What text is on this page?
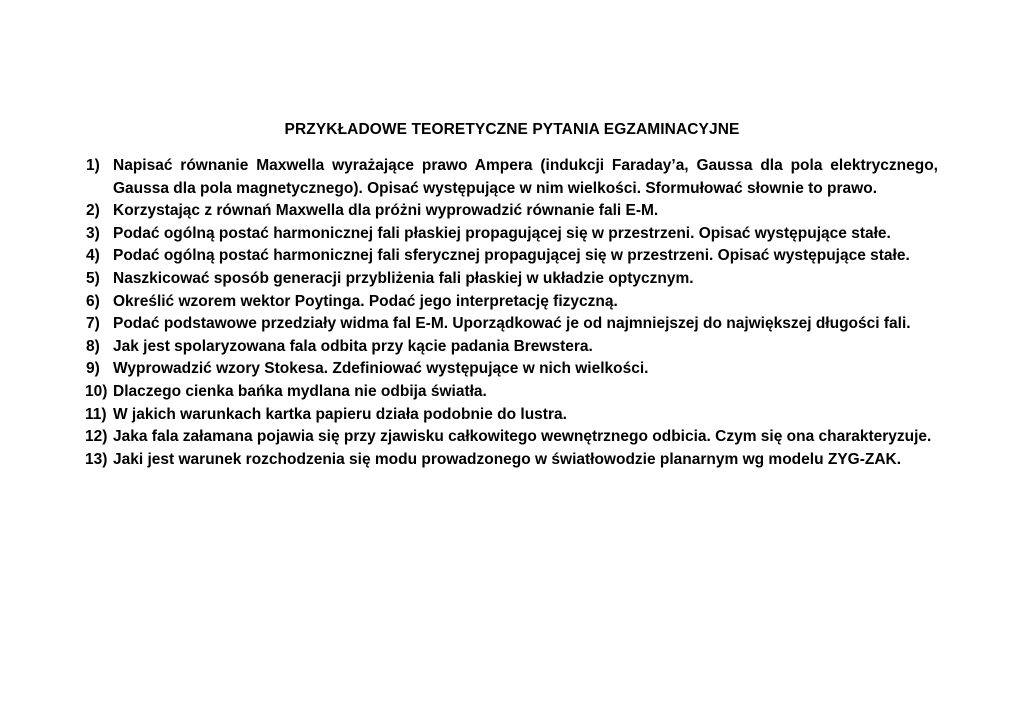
PRZYKŁADOWE TEORETYCZNE PYTANIA EGZAMINACYJNE
1) Napisać równanie Maxwella wyrażające prawo Ampera (indukcji Faraday’a, Gaussa dla pola elektrycznego, Gaussa dla pola magnetycznego). Opisać występujące w nim wielkości. Sformułować słownie to prawo.
2) Korzystając z równań Maxwella dla próżni wyprowadzić równanie fali E-M.
3) Podać ogólną postać harmonicznej fali płaskiej propagującej się w przestrzeni. Opisać występujące stałe.
4) Podać ogólną postać harmonicznej fali sferycznej propagującej się w przestrzeni. Opisać występujące stałe.
5) Naszkicować sposób generacji przybliżenia fali płaskiej w układzie optycznym.
6) Określić wzorem wektor Poytinga. Podać jego interpretację fizyczną.
7) Podać podstawowe przedziały widma fal E-M. Uporządkować je od najmniejszej do największej długości fali.
8) Jak jest spolaryzowana fala odbita przy kącie padania Brewstera.
9) Wyprowadzić wzory Stokesa. Zdefiniować występujące w nich wielkości.
10) Dlaczego cienka bańka mydlana nie odbija światła.
11) W jakich warunkach kartka papieru działa podobnie do lustra.
12) Jaka fala załamana pojawia się przy zjawisku całkowitego wewnętrznego odbicia. Czym się ona charakteryzuje.
13) Jaki jest warunek rozchodzenia się modu prowadzonego w światłowodzie planarnym wg modelu ZYG-ZAK.
